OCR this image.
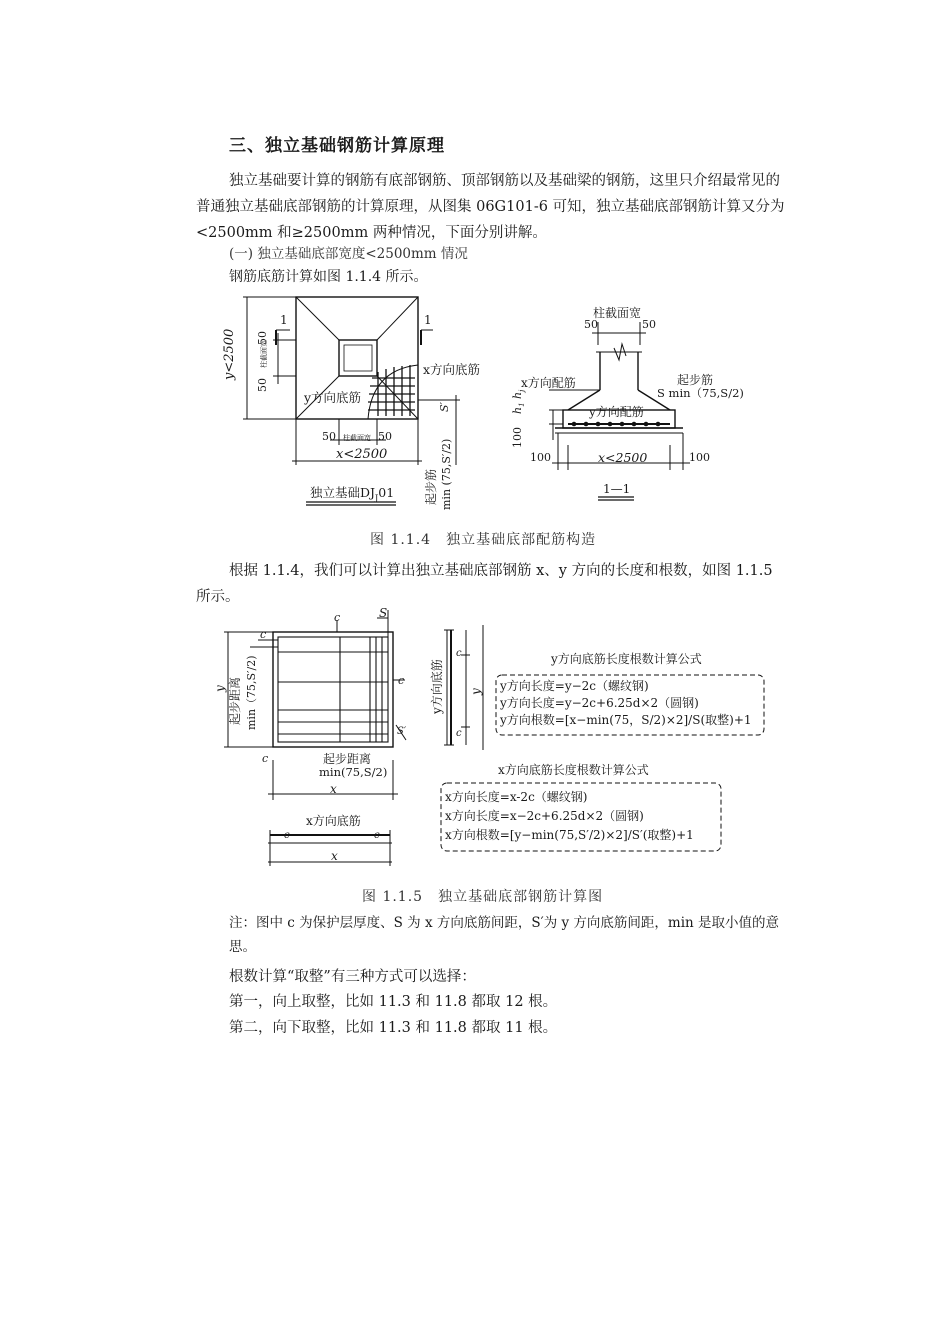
三、独立基础钢筋计算原理
独立基础要计算的钢筋有底部钢筋、顶部钢筋以及基础梁的钢筋，这里只介绍最常见的普通独立基础底部钢筋的计算原理，从图集 06G101-6 可知，独立基础底部钢筋计算又分为<2500mm 和≥2500mm 两种情况，下面分别讲解。
(一) 独立基础底部宽度<2500mm 情况
钢筋底筋计算如图 1.1.4 所示。
1	1
y<2500 50
柱截面宽
50
x方向底筋
y方向底筋
S′
50 柱截面宽 50
x<2500
起步筋 min (75,S′/2)
独立基础$DJ_J01$
柱截面宽
50	50
x方向配筋	起步筋
S min（75,S/2)
y方向配筋
$h_1$ $h_j$
100
100	x<2500	100
1—1
图 1.1.4　独立基础底部配筋构造
根据 1.1.4，我们可以计算出独立基础底部钢筋 x、y 方向的长度和根数，如图 1.1.5 所示。
c
c	S
c
S′
c
y 起步距离 min（75,S′/2)
起步距离
min(75,S/2)
x
y方向底筋 y
c
c
x方向底筋
c	c
x
y方向底筋长度根数计算公式
y方向长度=y−2c（螺纹钢)
y方向长度=y−2c+6.25d×2（圆钢)
y方向根数=[x−min(75，S/2)×2]/S(取整)+1
x方向底筋长度根数计算公式
x方向长度=x-2c（螺纹钢)
x方向长度=x−2c+6.25d×2（圆钢)
x方向根数=[y−min(75,S′/2)×2]/S′(取整)+1
图 1.1.5　独立基础底部钢筋计算图
注：图中 c 为保护层厚度、S 为 x 方向底筋间距，S′为 y 方向底筋间距，min 是取小值的意思。
根数计算“取整”有三种方式可以选择：
第一，向上取整，比如 11.3 和 11.8 都取 12 根。
第二，向下取整，比如 11.3 和 11.8 都取 11 根。
